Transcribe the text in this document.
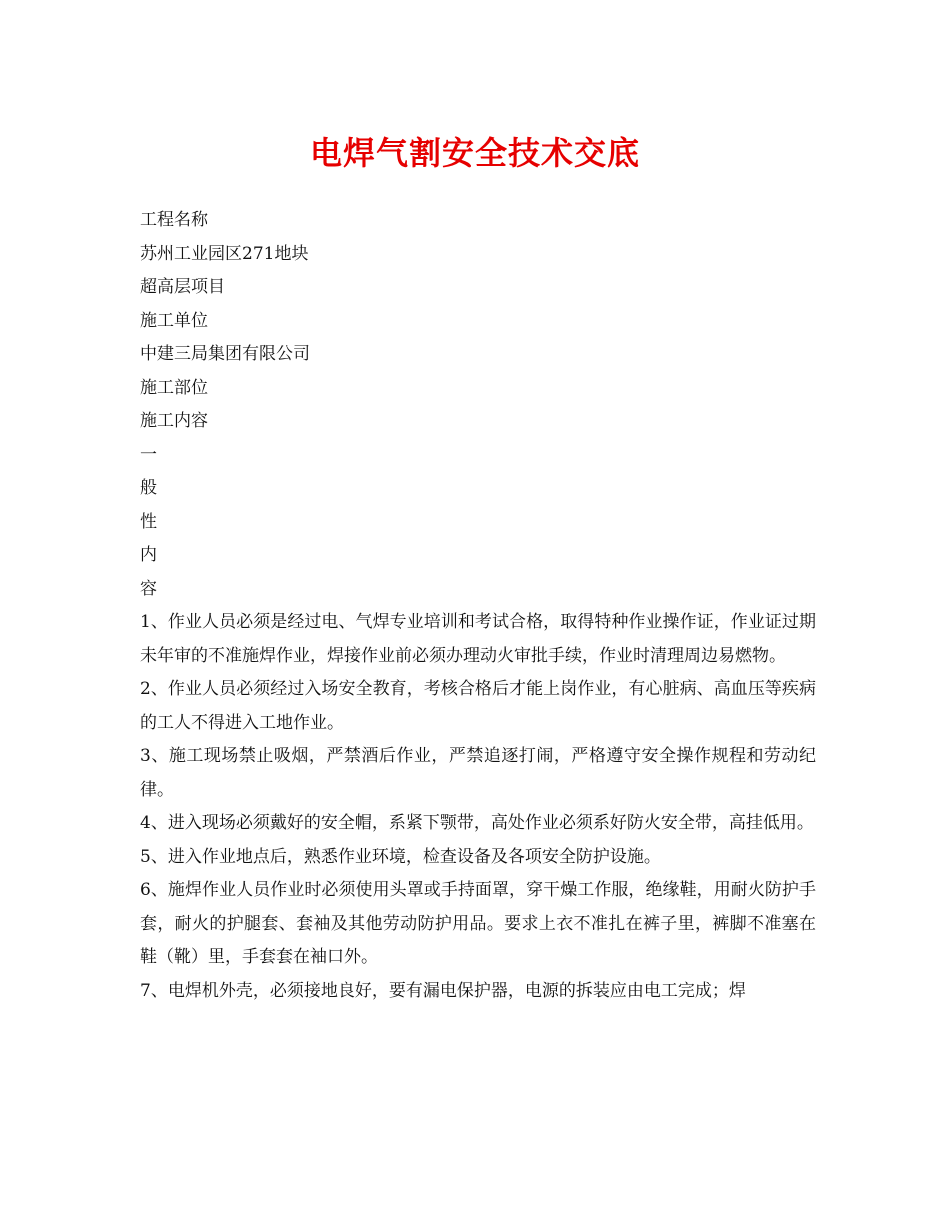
电焊气割安全技术交底

工程名称

苏州工业园区271地块

超高层项目

施工单位

中建三局集团有限公司

施工部位

施工内容

一

般

性

内

容

1、作业人员必须是经过电、气焊专业培训和考试合格，取得特种作业操作证，作业证过期未年审的不准施焊作业，焊接作业前必须办理动火审批手续，作业时清理周边易燃物。

2、作业人员必须经过入场安全教育，考核合格后才能上岗作业，有心脏病、高血压等疾病的工人不得进入工地作业。

3、施工现场禁止吸烟，严禁酒后作业，严禁追逐打闹，严格遵守安全操作规程和劳动纪律。

4、进入现场必须戴好的安全帽，系紧下颚带，高处作业必须系好防火安全带，高挂低用。

5、进入作业地点后，熟悉作业环境，检查设备及各项安全防护设施。

6、施焊作业人员作业时必须使用头罩或手持面罩，穿干燥工作服，绝缘鞋，用耐火防护手套，耐火的护腿套、套袖及其他劳动防护用品。要求上衣不准扎在裤子里，裤脚不准塞在鞋（靴）里，手套套在袖口外。

7、电焊机外壳，必须接地良好，要有漏电保护器，电源的拆装应由电工完成；焊
